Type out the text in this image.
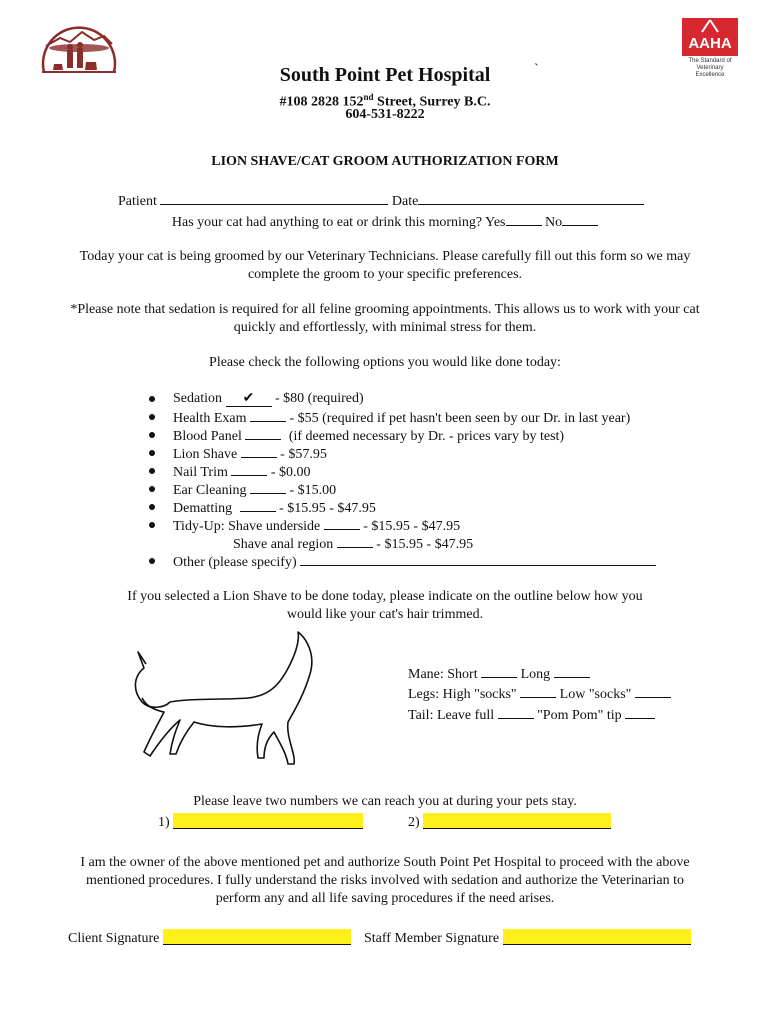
AAHA
The Standard of Veterinary Excellence
South Point Pet Hospital	`
#108 2828 152nd Street, Surrey B.C.
604-531-8222
LION SHAVE/CAT GROOM AUTHORIZATION FORM
Patient	Date
Has your cat had anything to eat or drink this morning? Yes	No
Today your cat is being groomed by our Veterinary Technicians. Please carefully fill out this form so we may
complete the groom to your specific preferences.
*Please note that sedation is required for all feline grooming appointments. This allows us to work with your cat
quickly and effortlessly, with minimal stress for them.
Please check the following options you would like done today:
Sedation ✔ - $80 (required)
Health Exam	- $55 (required if pet hasn't been seen by our Dr. in last year)
Blood Panel	(if deemed necessary by Dr. - prices vary by test)
Lion Shave	- $57.95
Nail Trim	- $0.00
Ear Cleaning	- $15.00
Dematting	- $15.95 - $47.95
Tidy-Up: Shave underside	- $15.95 - $47.95
Shave anal region	- $15.95 - $47.95
Other (please specify)
If you selected a Lion Shave to be done today, please indicate on the outline below how you
would like your cat's hair trimmed.
Mane: Short	Long
Legs: High "socks"	Low "socks"
Tail: Leave full	"Pom Pom" tip
Please leave two numbers we can reach you at during your pets stay.
1)	2)
I am the owner of the above mentioned pet and authorize South Point Pet Hospital to proceed with the above
mentioned procedures. I fully understand the risks involved with sedation and authorize the Veterinarian to
perform any and all life saving procedures if the need arises.
Client Signature	Staff Member Signature
